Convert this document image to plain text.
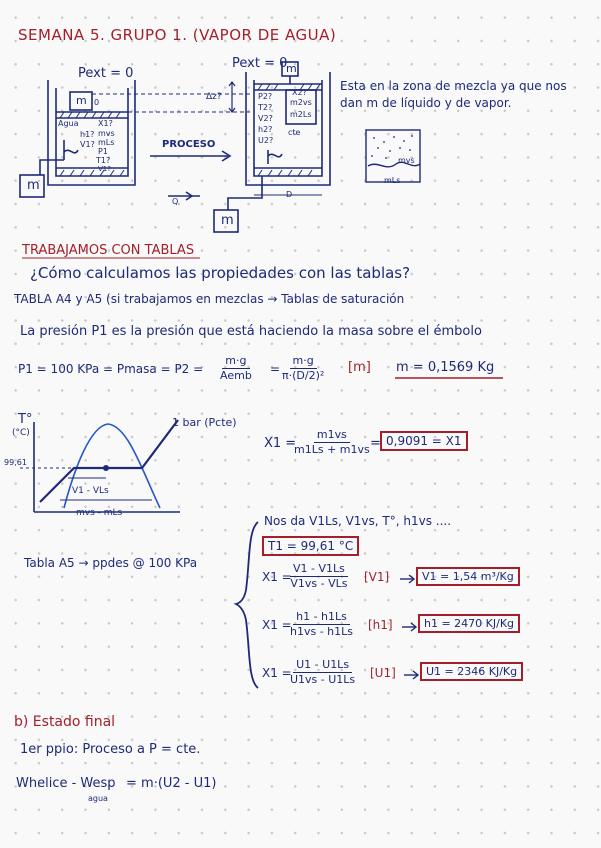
SEMANA 5. GRUPO 1. (VAPOR DE AGUA)
Pext = 0
Pext = 0
m 0
m
m
m
Agua X1?
h1?
V1?
mvs
mLs
P1
T1?
V1?
Δz?	P2?
T2?
V2?
h2?
U2?
X2?
m2vs
m2Ls
cte
PROCESO
D
Q
Esta en la zona de mezcla ya que nos dan m de líquido y de vapor.
mvs
mLs
TRABAJAMOS CON TABLAS
¿Cómo calculamos las propiedades con las tablas?
TABLA A4 y A5 (si trabajamos en mezclas → Tablas de saturación
La presión P1 es la presión que está haciendo la masa sobre el émbolo
P1 = 100 KPa = Pmasa = P2 =
m·g
Aemb = $\frac{m\cdot g}{\text{π·(D/2)²}} [m] m = 0,1569$ Kg
T°
(°C)
99,61
1 bar (Pcte)
V1 - VLs
mvs - mLs
X1 =
$\frac{m1vs}{m1Ls + m1vs} = 0,9091 = X1$
Nos da V1Ls, V1vs, T°, h1vs ....
T1 = 99,61 °C
Tabla A5 → ppdes @ 100 KPa
X1 =
V1 - V1Ls
V1vs - VLs [V1]	V1 = 1,54 m³/Kg
X1 =
$\frac{h1 - h1Ls}{h1vs - h1Ls} [h1]$	h1 = 2470 KJ/Kg
X1 =
$\frac{U1 - U1Ls}{U1vs - U1Ls} [U1]$	U1 = 2346 KJ/Kg
b) Estado final
1er ppio: Proceso a P = cte.
Whelice - Wesp
agua
= m·(U2 - U1)
